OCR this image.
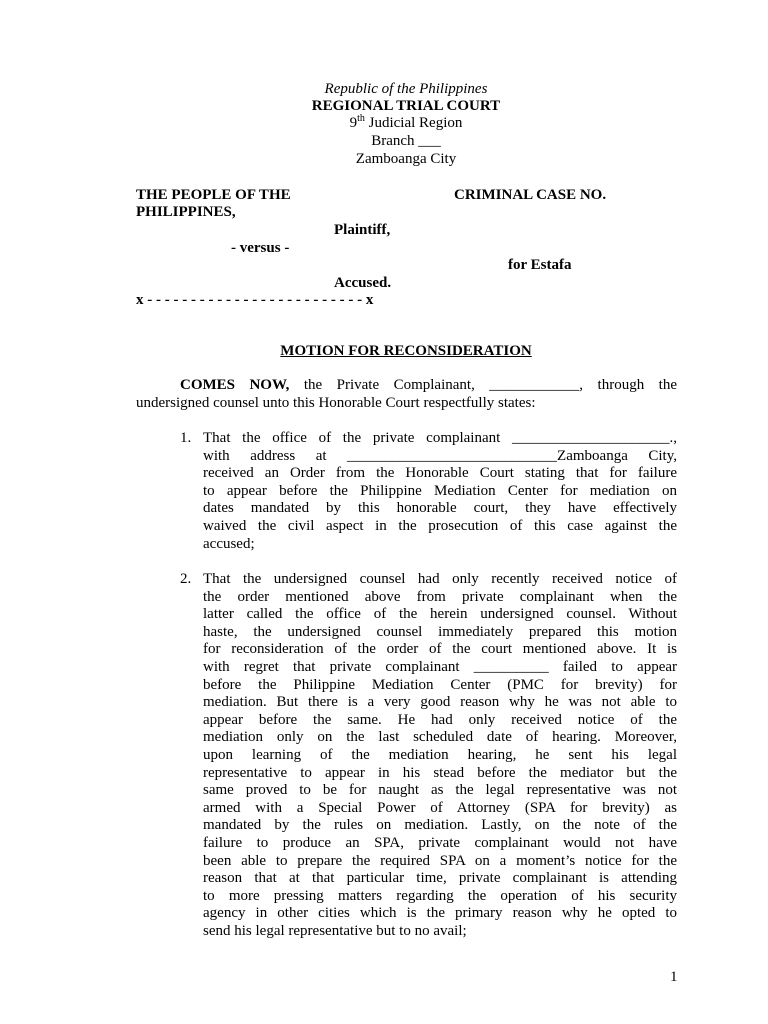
Republic of the Philippines
REGIONAL TRIAL COURT
9th Judicial Region
Branch ___
Zamboanga City
THE PEOPLE OF THE
PHILIPPINES,
CRIMINAL CASE NO.
Plaintiff,
- versus -
for Estafa
Accused.
x - - - - - - - - - - - - - - - - - - - - - - - - - x
MOTION FOR RECONSIDERATION
COMES NOW, the Private Complainant, ____________, through the
undersigned counsel unto this Honorable Court respectfully states:
1. That the office of the private complainant _____________________.,
with address at ____________________________Zamboanga City,
received an Order from the Honorable Court stating that for failure
to appear before the Philippine Mediation Center for mediation on
dates mandated by this honorable court, they have effectively
waived the civil aspect in the prosecution of this case against the
accused;
2. That the undersigned counsel had only recently received notice of
the order mentioned above from private complainant when the
latter called the office of the herein undersigned counsel. Without
haste, the undersigned counsel immediately prepared this motion
for reconsideration of the order of the court mentioned above. It is
with regret that private complainant __________ failed to appear
before the Philippine Mediation Center (PMC for brevity) for
mediation. But there is a very good reason why he was not able to
appear before the same. He had only received notice of the
mediation only on the last scheduled date of hearing. Moreover,
upon learning of the mediation hearing, he sent his legal
representative to appear in his stead before the mediator but the
same proved to be for naught as the legal representative was not
armed with a Special Power of Attorney (SPA for brevity) as
mandated by the rules on mediation. Lastly, on the note of the
failure to produce an SPA, private complainant would not have
been able to prepare the required SPA on a moment’s notice for the
reason that at that particular time, private complainant is attending
to more pressing matters regarding the operation of his security
agency in other cities which is the primary reason why he opted to
send his legal representative but to no avail;
1
